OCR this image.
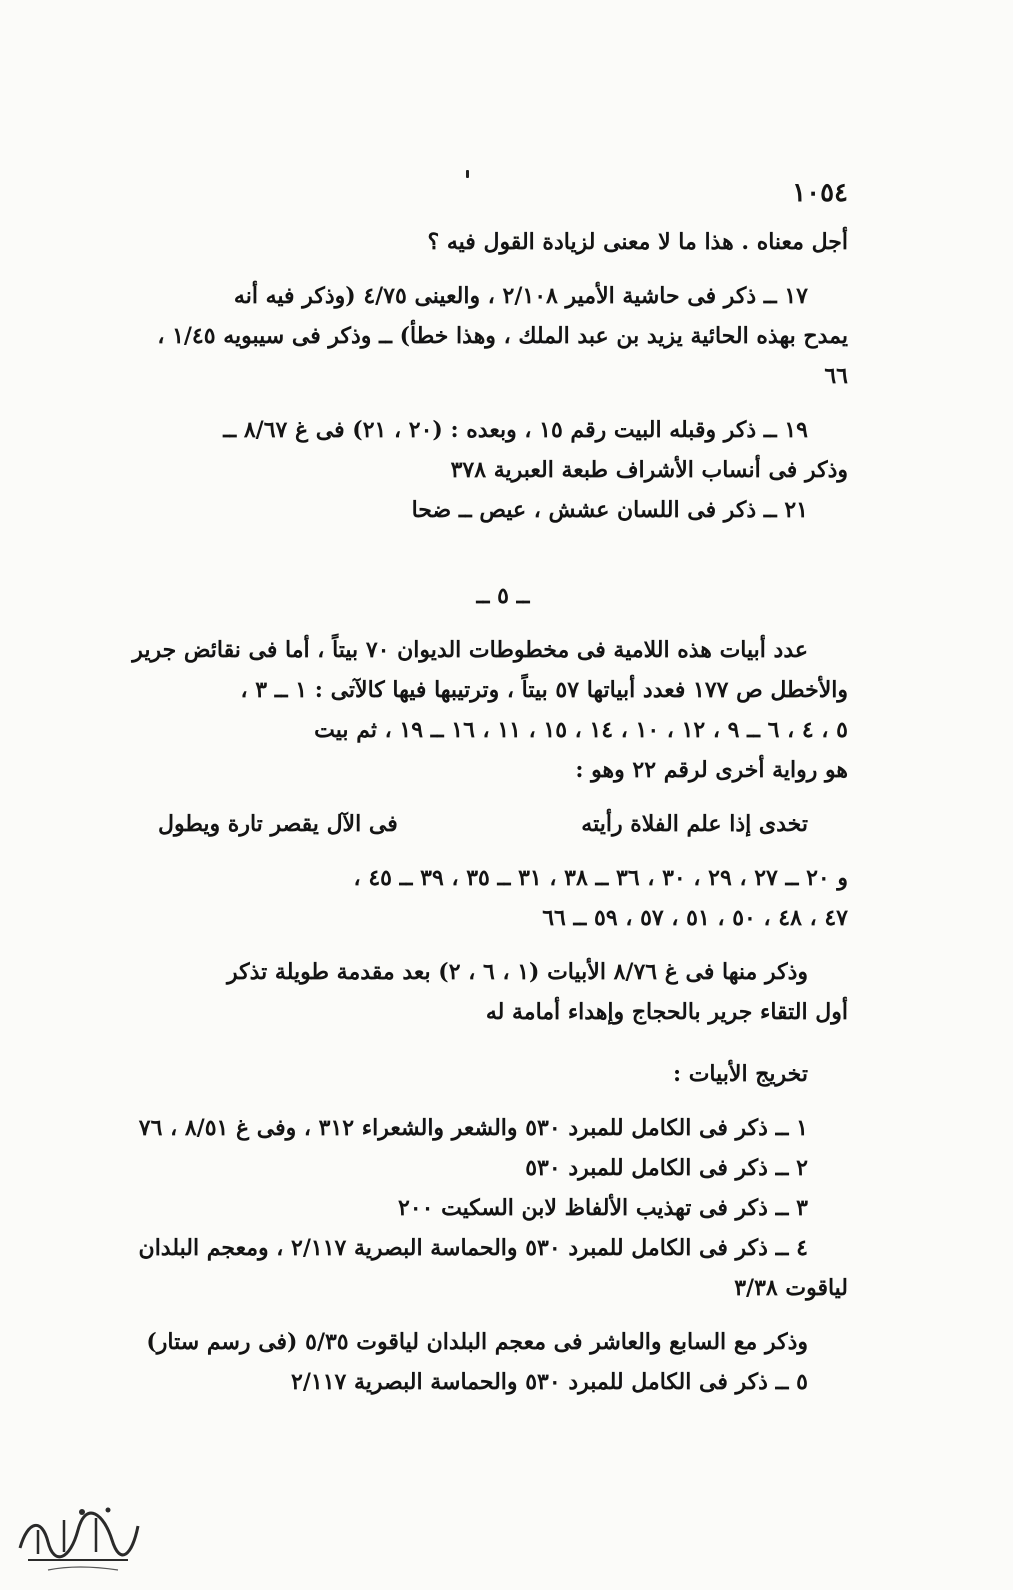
١٠٥٤
أجل معناه . هذا ما لا معنى لزيادة القول فيه ؟
١٧ ــ ذكر فى حاشية الأمير ٢/١٠٨ ، والعينى ٤/٧٥ (وذكر فيه أنه
يمدح بهذه الحائية يزيد بن عبد الملك ، وهذا خطأ) ــ وذكر فى سيبويه ١/٤٥ ،
٦٦
١٩ ــ ذكر وقبله البيت رقم ١٥ ، وبعده : (٢٠ ، ٢١) فى غ ٨/٦٧ ــ
وذكر فى أنساب الأشراف طبعة العبرية ٣٧٨
٢١ ــ ذكر فى اللسان عشش ، عيص ــ ضحا
ــ ٥ ــ
عدد أبيات هذه اللامية فى مخطوطات الديوان ٧٠ بيتاً ، أما فى نقائض جرير
والأخطل ص ١٧٧ فعدد أبياتها ٥٧ بيتاً ، وترتيبها فيها كالآتى : ١ ــ ٣ ،
٥ ، ٤ ، ٦ ــ ٩ ، ١٢ ، ١٠ ، ١٤ ، ١٥ ، ١١ ، ١٦ ــ ١٩ ، ثم بيت
هو رواية أخرى لرقم ٢٢ وهو :
تخدى إذا علم الفلاة رأيته
فى الآل يقصر تارة ويطول
و ٢٠ ــ ٢٧ ، ٢٩ ، ٣٠ ، ٣٦ ــ ٣٨ ، ٣١ ــ ٣٥ ، ٣٩ ــ ٤٥ ،
٤٧ ، ٤٨ ، ٥٠ ، ٥١ ، ٥٧ ، ٥٩ ــ ٦٦
وذكر منها فى غ ٨/٧٦ الأبيات (١ ، ٦ ، ٢) بعد مقدمة طويلة تذكر
أول التقاء جرير بالحجاج وإهداء أمامة له
تخريج الأبيات :
١ ــ ذكر فى الكامل للمبرد ٥٣٠ والشعر والشعراء ٣١٢ ، وفى غ ٨/٥١ ، ٧٦
٢ ــ ذكر فى الكامل للمبرد ٥٣٠
٣ ــ ذكر فى تهذيب الألفاظ لابن السكيت ٢٠٠
٤ ــ ذكر فى الكامل للمبرد ٥٣٠ والحماسة البصرية ٢/١١٧ ، ومعجم البلدان
لياقوت ٣/٣٨
وذكر مع السابع والعاشر فى معجم البلدان لياقوت ٥/٣٥ (فى رسم ستار)
٥ ــ ذكر فى الكامل للمبرد ٥٣٠ والحماسة البصرية ٢/١١٧
